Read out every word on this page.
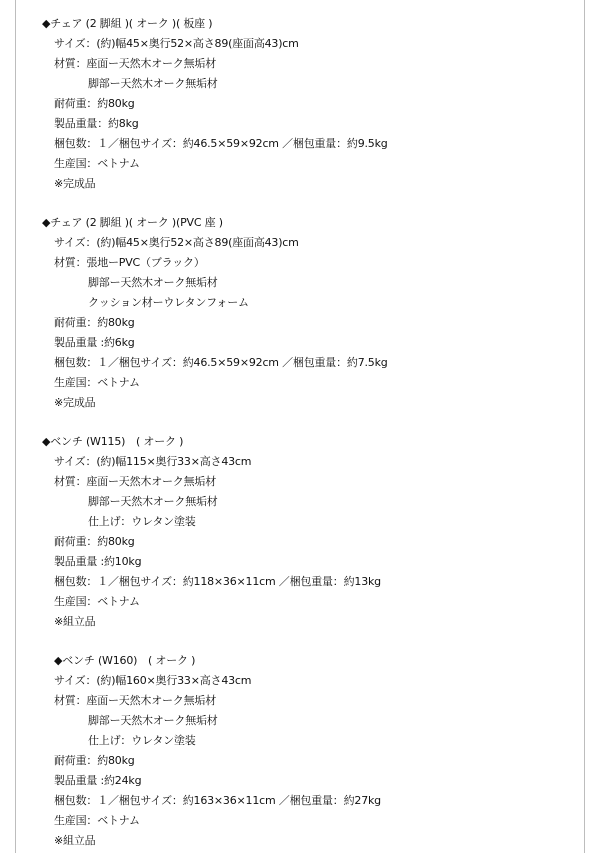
◆チェア (2 脚組 )( オーク )( 板座 )
サイズ：(約)幅45×奥行52×高さ89(座面高43)cm
材質：座面ー天然木オーク無垢材
脚部ー天然木オーク無垢材
耐荷重：約80kg
製品重量：約8kg
梱包数：１／梱包サイズ：約46.5×59×92cm ／梱包重量：約9.5kg
生産国：ベトナム
※完成品
◆チェア (2 脚組 )( オーク )(PVC 座 )
サイズ：(約)幅45×奥行52×高さ89(座面高43)cm
材質：張地ーPVC（ブラック）
脚部ー天然木オーク無垢材
クッション材ーウレタンフォーム
耐荷重：約80kg
製品重量 :約6kg
梱包数：１／梱包サイズ：約46.5×59×92cm ／梱包重量：約7.5kg
生産国：ベトナム
※完成品
◆ベンチ (W115)　( オーク )
サイズ：(約)幅115×奥行33×高さ43cm
材質：座面ー天然木オーク無垢材
脚部ー天然木オーク無垢材
仕上げ：ウレタン塗装
耐荷重：約80kg
製品重量 :約10kg
梱包数：１／梱包サイズ：約118×36×11cm ／梱包重量：約13kg
生産国：ベトナム
※組立品
◆ベンチ (W160)　( オーク )
サイズ：(約)幅160×奥行33×高さ43cm
材質：座面ー天然木オーク無垢材
脚部ー天然木オーク無垢材
仕上げ：ウレタン塗装
耐荷重：約80kg
製品重量 :約24kg
梱包数：１／梱包サイズ：約163×36×11cm ／梱包重量：約27kg
生産国：ベトナム
※組立品
